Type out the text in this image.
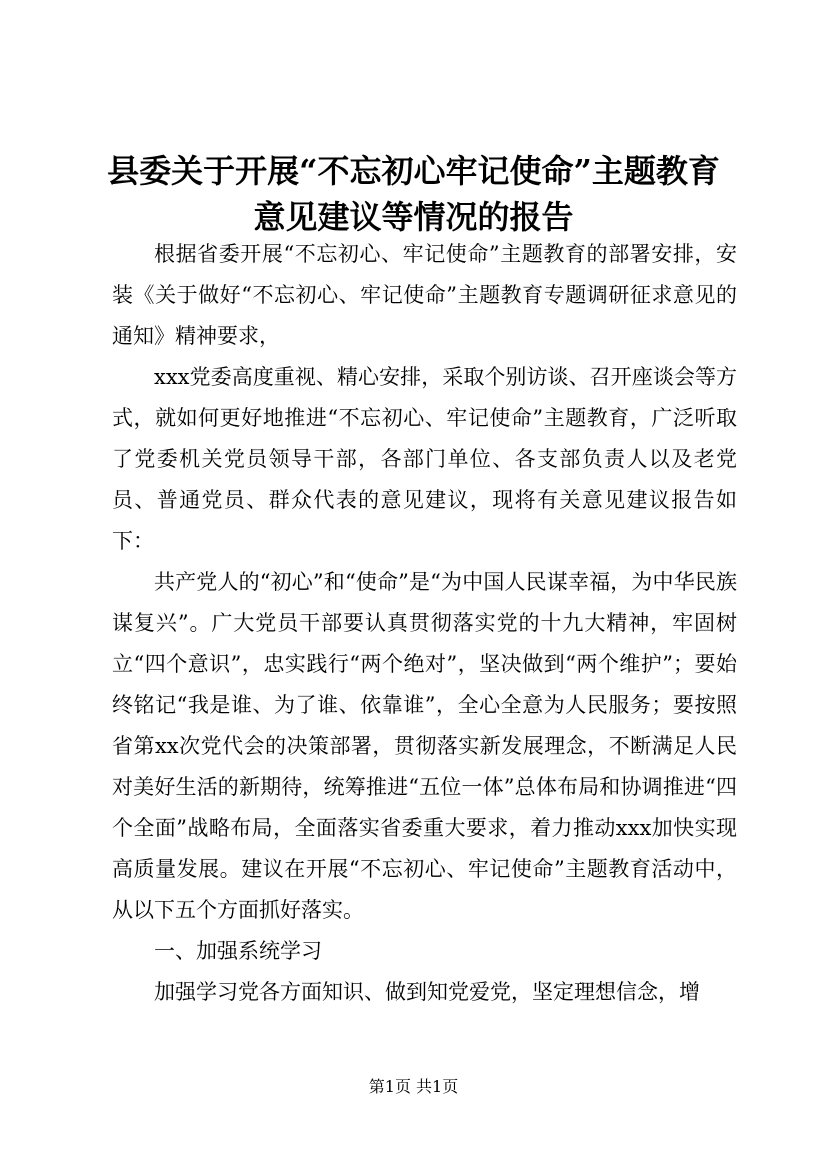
县委关于开展“不忘初心牢记使命”主题教育
意见建议等情况的报告

根据省委开展“不忘初心、牢记使命”主题教育的部署安排，安装《关于做好“不忘初心、牢记使命”主题教育专题调研征求意见的通知》精神要求，

xxx党委高度重视、精心安排，采取个别访谈、召开座谈会等方式，就如何更好地推进“不忘初心、牢记使命”主题教育，广泛听取了党委机关党员领导干部，各部门单位、各支部负责人以及老党员、普通党员、群众代表的意见建议，现将有关意见建议报告如下：

共产党人的“初心”和“使命”是“为中国人民谋幸福，为中华民族谋复兴”。广大党员干部要认真贯彻落实党的十九大精神，牢固树立“四个意识”，忠实践行“两个绝对”，坚决做到“两个维护”；要始终铭记“我是谁、为了谁、依靠谁”，全心全意为人民服务；要按照省第xx次党代会的决策部署，贯彻落实新发展理念，不断满足人民对美好生活的新期待，统筹推进“五位一体”总体布局和协调推进“四个全面”战略布局，全面落实省委重大要求，着力推动xxx加快实现高质量发展。建议在开展“不忘初心、牢记使命”主题教育活动中，从以下五个方面抓好落实。

一、加强系统学习

加强学习党各方面知识、做到知党爱党，坚定理想信念，增

第1页 共1页
